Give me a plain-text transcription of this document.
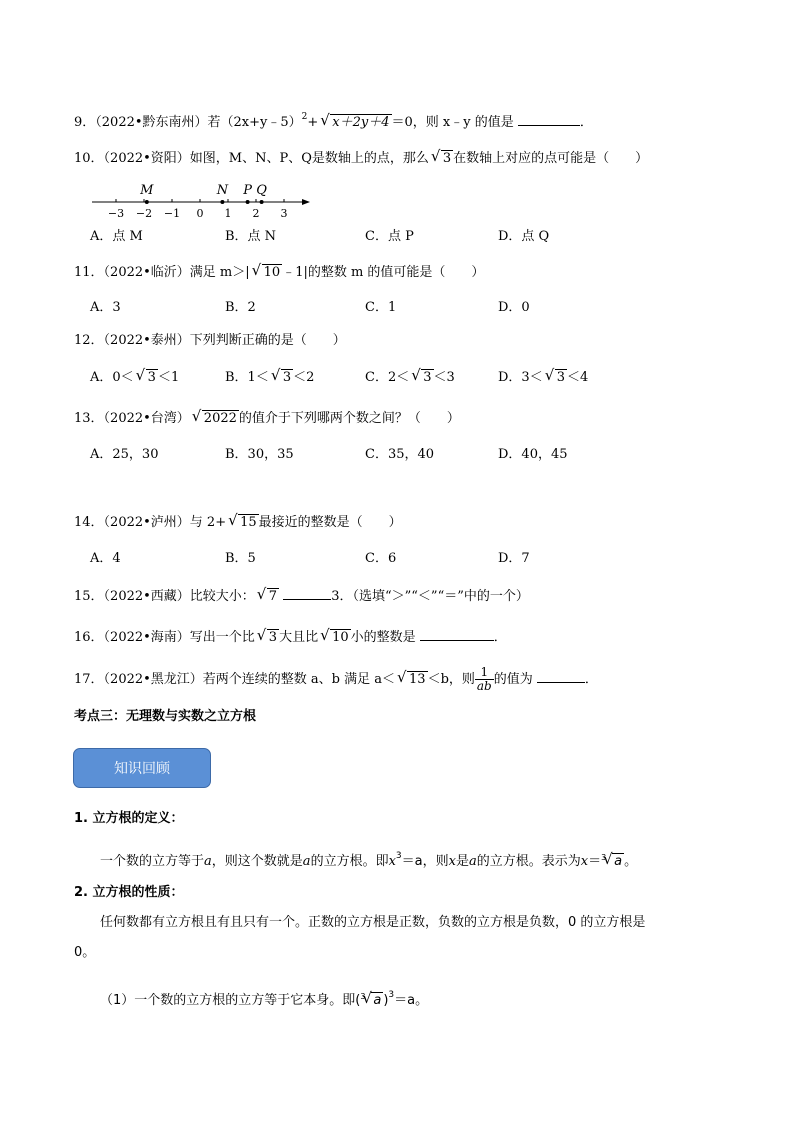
9．（2022•黔东南州）若（2x+y﹣5）$^2$+ √ x＋2y＋4 ＝0，则 x﹣y 的值是	．
10．（2022•资阳）如图，M、N、P、Q是数轴上的点，那么 √ 3 在数轴上对应的点可能是（　　）
−3 −2 −1 0 1 2 3
M	N P Q
A．点 M	B．点 N	C．点 P	D．点 Q
11．（2022•临沂）满足 m＞| √ 10 ﹣1|的整数 m 的值可能是（　　）
A．3	B．2	C．1	D．0
12．（2022•泰州）下列判断正确的是（　　）
A．0＜ √ 3 ＜1	B．1＜ √ 3 ＜2	C．2＜ √ 3 ＜3	D．3＜ √ 3 ＜4
13．（2022•台湾） √ 2022 的值介于下列哪两个数之间？（　　）
A．25，30	B．30，35	C．35，40	D．40，45
14．（2022•泸州）与 2+ √ 15 最接近的整数是（　　）
A．4	B．5	C．6	D．7
15．（2022•西藏）比较大小： √ 7	3．（选填“＞”“＜”“＝”中的一个）
16．（2022•海南）写出一个比 √ 3 大且比 √ 10 小的整数是	．
17．（2022•黑龙江）若两个连续的整数 a、b 满足 a＜ √ 13 ＜b，则 $\frac{1}{ab}$ 的值为	．
考点三：无理数与实数之立方根
知识回顾
1. 立方根的定义：
一个数的立方等于a，则这个数就是a的立方根。即$x^3=a$，则x是a的立方根。表示为x＝ √ 3 a 。
2. 立方根的性质：
任何数都有立方根且有且只有一个。正数的立方根是正数，负数的立方根是负数，0 的立方根是
0。
（1）一个数的立方根的立方等于它本身。即( √ 3 a )$^3$＝a。
